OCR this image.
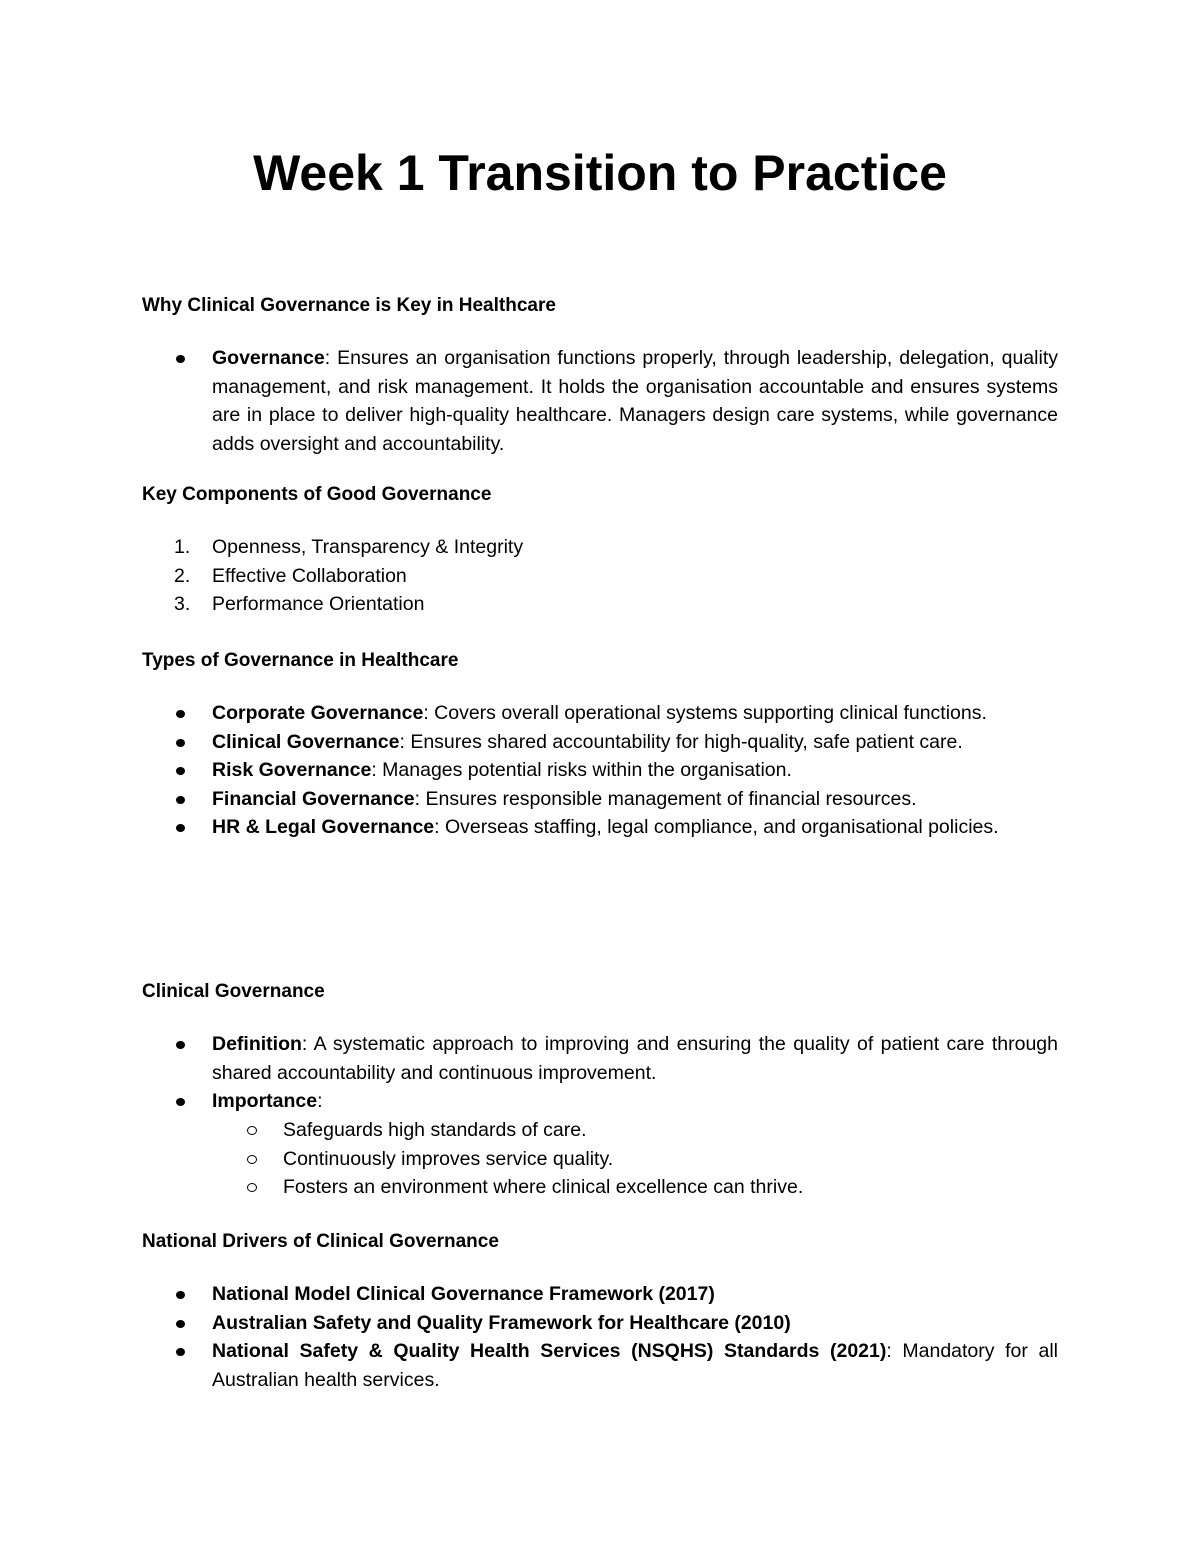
Week 1 Transition to Practice
Why Clinical Governance is Key in Healthcare
Governance: Ensures an organisation functions properly, through leadership, delegation, quality management, and risk management. It holds the organisation accountable and ensures systems are in place to deliver high-quality healthcare. Managers design care systems, while governance adds oversight and accountability.
Key Components of Good Governance
1. Openness, Transparency & Integrity
2. Effective Collaboration
3. Performance Orientation
Types of Governance in Healthcare
Corporate Governance: Covers overall operational systems supporting clinical functions.
Clinical Governance: Ensures shared accountability for high-quality, safe patient care.
Risk Governance: Manages potential risks within the organisation.
Financial Governance: Ensures responsible management of financial resources.
HR & Legal Governance: Overseas staffing, legal compliance, and organisational policies.
Clinical Governance
Definition: A systematic approach to improving and ensuring the quality of patient care through shared accountability and continuous improvement.
Importance:
Safeguards high standards of care.
Continuously improves service quality.
Fosters an environment where clinical excellence can thrive.
National Drivers of Clinical Governance
National Model Clinical Governance Framework (2017)
Australian Safety and Quality Framework for Healthcare (2010)
National Safety & Quality Health Services (NSQHS) Standards (2021): Mandatory for all Australian health services.
